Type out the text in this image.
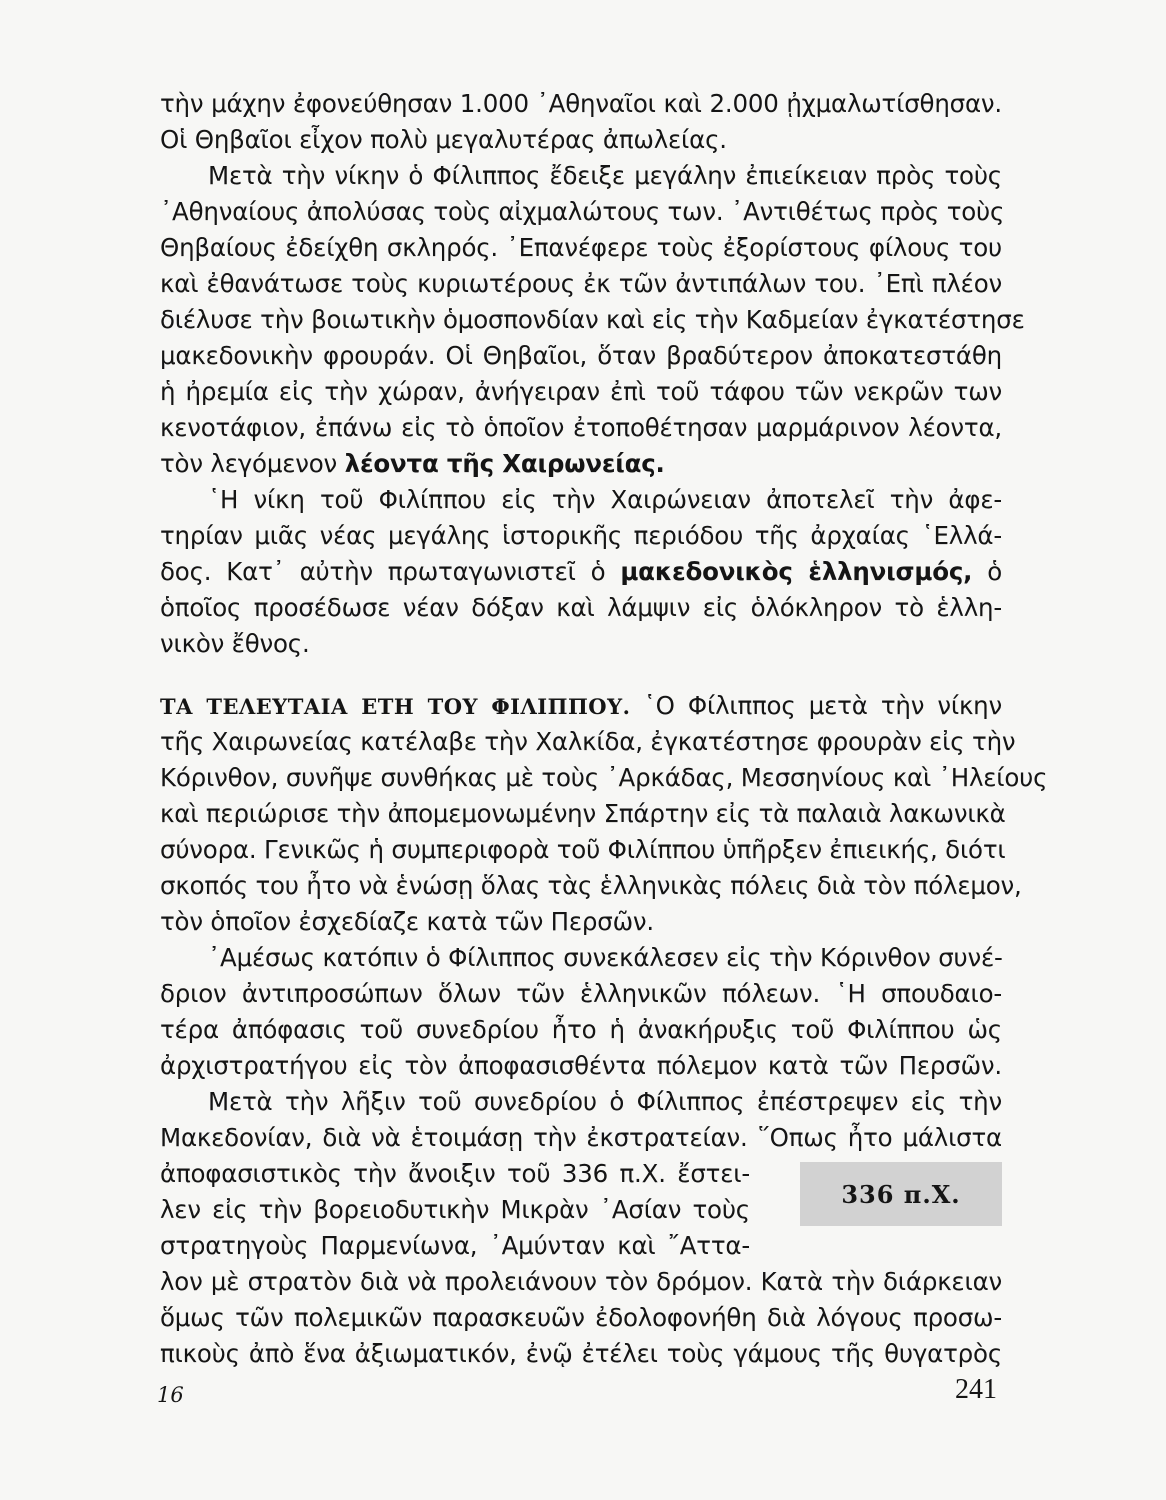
τὴν μάχην ἐφονεύθησαν 1.000 ᾿Αθηναῖοι καὶ 2.000 ᾐχμαλωτίσθησαν.
Οἱ Θηβαῖοι εἶχον πολὺ μεγαλυτέρας ἀπωλείας.
Μετὰ τὴν νίκην ὁ Φίλιππος ἔδειξε μεγάλην ἐπιείκειαν πρὸς τοὺς
᾿Αθηναίους ἀπολύσας τοὺς αἰχμαλώτους των. ᾿Αντιθέτως πρὸς τοὺς
Θηβαίους ἐδείχθη σκληρός. ᾿Επανέφερε τοὺς ἐξορίστους φίλους του
καὶ ἐθανάτωσε τοὺς κυριωτέρους ἐκ τῶν ἀντιπάλων του. ᾿Επὶ πλέον
διέλυσε τὴν βοιωτικὴν ὁμοσπονδίαν καὶ εἰς τὴν Καδμείαν ἐγκατέστησε
μακεδονικὴν φρουράν. Οἱ Θηβαῖοι, ὅταν βραδύτερον ἀποκατεστάθη
ἡ ἠρεμία εἰς τὴν χώραν, ἀνήγειραν ἐπὶ τοῦ τάφου τῶν νεκρῶν των
κενοτάφιον, ἐπάνω εἰς τὸ ὁποῖον ἐτοποθέτησαν μαρμάρινον λέοντα,
τὸν λεγόμενον λέοντα τῆς Χαιρωνείας.
῾Η νίκη τοῦ Φιλίππου εἰς τὴν Χαιρώνειαν ἀποτελεῖ τὴν ἀφε-
τηρίαν μιᾶς νέας μεγάλης ἱστορικῆς περιόδου τῆς ἀρχαίας ῾Ελλά-
δος. Κατ᾿ αὐτὴν πρωταγωνιστεῖ ὁ μακεδονικὸς ἑλληνισμός, ὁ
ὁποῖος προσέδωσε νέαν δόξαν καὶ λάμψιν εἰς ὁλόκληρον τὸ ἑλλη-
νικὸν ἔθνος.
ΤΑ ΤΕΛΕΥΤΑΙΑ ΕΤΗ ΤΟΥ ΦΙΛΙΠΠΟΥ. ῾Ο Φίλιππος μετὰ τὴν νίκην
τῆς Χαιρωνείας κατέλαβε τὴν Χαλκίδα, ἐγκατέστησε φρουρὰν εἰς τὴν
Κόρινθον, συνῆψε συνθήκας μὲ τοὺς ᾿Αρκάδας, Μεσσηνίους καὶ ᾿Ηλείους
καὶ περιώρισε τὴν ἀπομεμονωμένην Σπάρτην εἰς τὰ παλαιὰ λακωνικὰ
σύνορα. Γενικῶς ἡ συμπεριφορὰ τοῦ Φιλίππου ὑπῆρξεν ἐπιεικής, διότι
σκοπός του ἦτο νὰ ἑνώσῃ ὅλας τὰς ἑλληνικὰς πόλεις διὰ τὸν πόλεμον,
τὸν ὁποῖον ἐσχεδίαζε κατὰ τῶν Περσῶν.
᾿Αμέσως κατόπιν ὁ Φίλιππος συνεκάλεσεν εἰς τὴν Κόρινθον συνέ-
δριον ἀντιπροσώπων ὅλων τῶν ἑλληνικῶν πόλεων. ῾Η σπουδαιο-
τέρα ἀπόφασις τοῦ συνεδρίου ἦτο ἡ ἀνακήρυξις τοῦ Φιλίππου ὡς
ἀρχιστρατήγου εἰς τὸν ἀποφασισθέντα πόλεμον κατὰ τῶν Περσῶν.
Μετὰ τὴν λῆξιν τοῦ συνεδρίου ὁ Φίλιππος ἐπέστρεψεν εἰς τὴν
Μακεδονίαν, διὰ νὰ ἑτοιμάσῃ τὴν ἐκστρατείαν. ῞Οπως ἦτο μάλιστα
ἀποφασιστικὸς τὴν ἄνοιξιν τοῦ 336 π.Χ. ἔστει-
λεν εἰς τὴν βορειοδυτικὴν Μικρὰν ᾿Ασίαν τοὺς
στρατηγοὺς Παρμενίωνα, ᾿Αμύνταν καὶ ῎Αττα-
λον μὲ στρατὸν διὰ νὰ προλειάνουν τὸν δρόμον. Κατὰ τὴν διάρκειαν
ὅμως τῶν πολεμικῶν παρασκευῶν ἐδολοφονήθη διὰ λόγους προσω-
πικοὺς ἀπὸ ἕνα ἀξιωματικόν, ἐνῷ ἐτέλει τοὺς γάμους τῆς θυγατρὸς
336 π.Χ.
16	241
